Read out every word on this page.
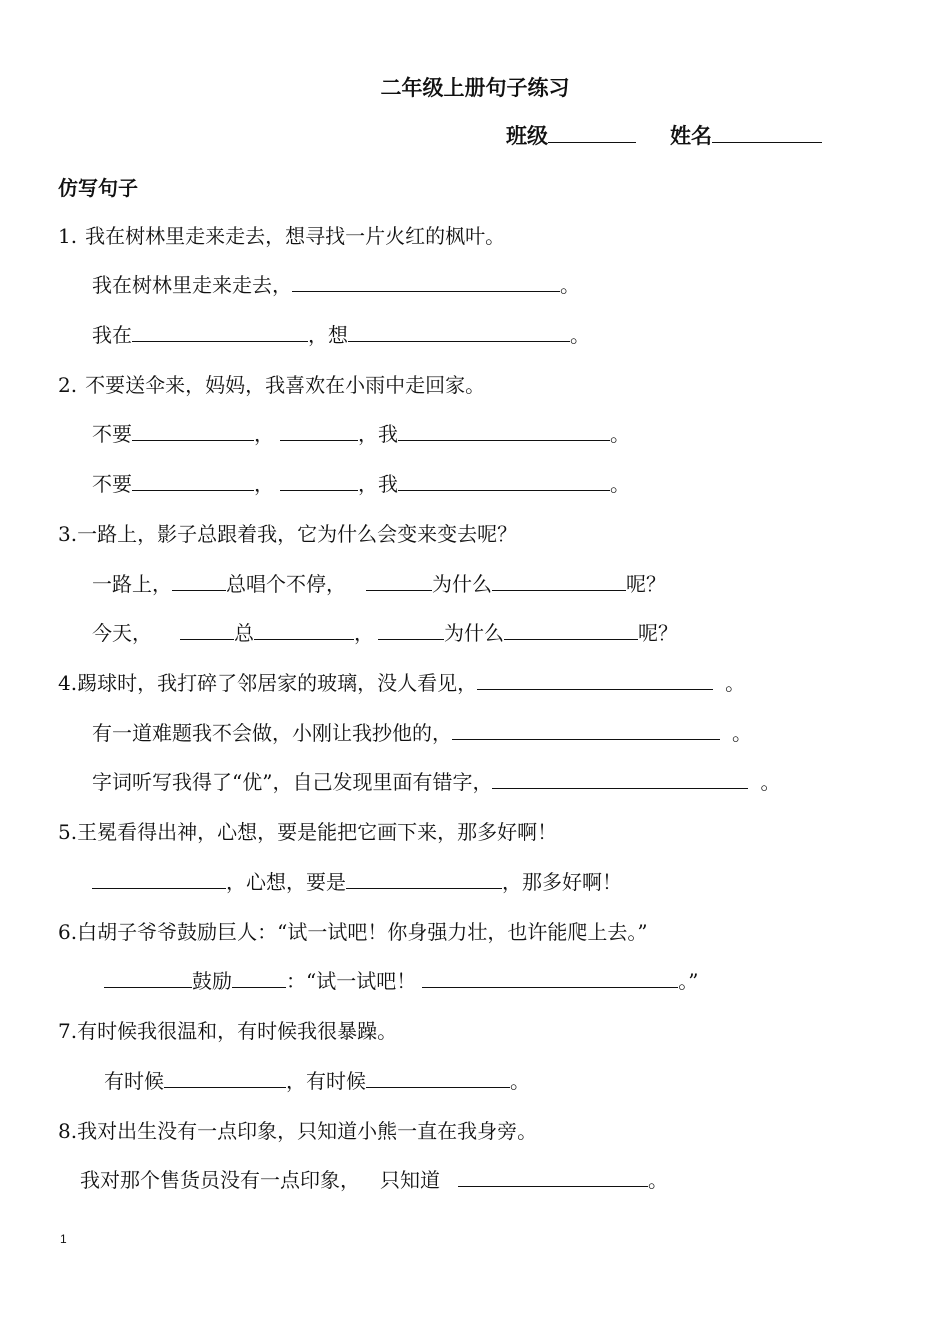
二年级上册句子练习
班级	姓名
仿写句子
1. 我在树林里走来走去，想寻找一片火红的枫叶。
我在树林里走来走去，	。
我在	，想	。
2. 不要送伞来，妈妈，我喜欢在小雨中走回家。
不要	，	，我	。
不要	，	，我	。
3.一路上，影子总跟着我，它为什么会变来变去呢？
一路上，	总唱个不停，	为什么	呢？
今天，	总	，	为什么	呢？
4.踢球时，我打碎了邻居家的玻璃，没人看见，	。
有一道难题我不会做，小刚让我抄他的，	。
字词听写我得了“优”，自己发现里面有错字，	。
5.王冕看得出神，心想，要是能把它画下来，那多好啊！
，心想，要是	，那多好啊！
6.白胡子爷爷鼓励巨人：“试一试吧！你身强力壮，也许能爬上去。”
鼓励	：“试一试吧！	。”
7.有时候我很温和，有时候我很暴躁。
有时候	，有时候	。
8.我对出生没有一点印象，只知道小熊一直在我身旁。
我对那个售货员没有一点印象， 只知道	。
1
